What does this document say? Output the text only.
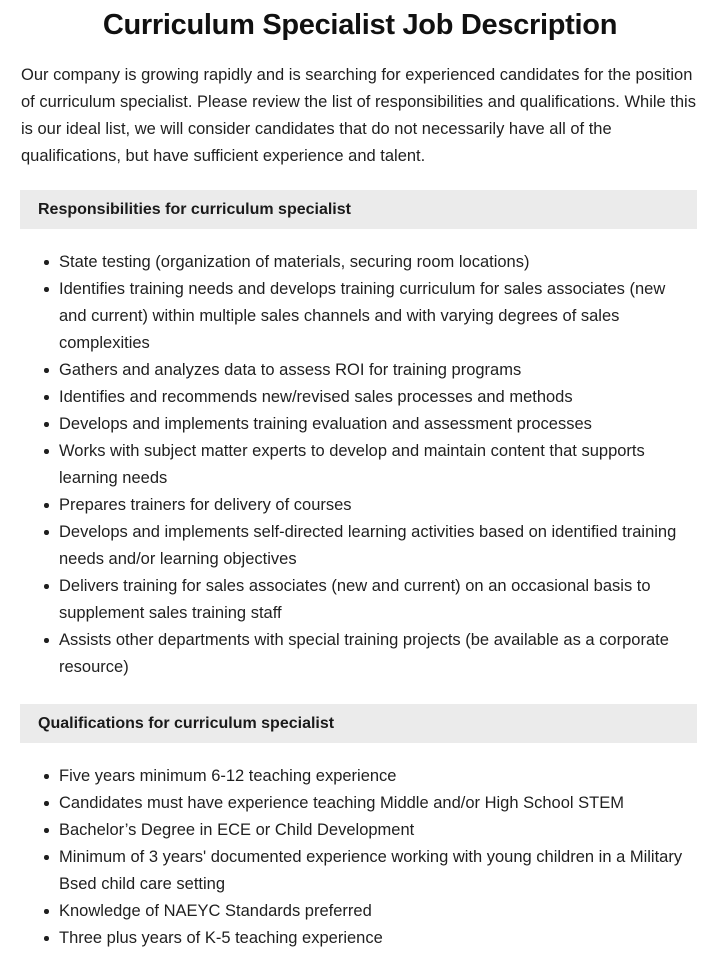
Curriculum Specialist Job Description

Our company is growing rapidly and is searching for experienced candidates for the position of curriculum specialist. Please review the list of responsibilities and qualifications. While this is our ideal list, we will consider candidates that do not necessarily have all of the qualifications, but have sufficient experience and talent.

Responsibilities for curriculum specialist
State testing (organization of materials, securing room locations)
Identifies training needs and develops training curriculum for sales associates (new and current) within multiple sales channels and with varying degrees of sales complexities
Gathers and analyzes data to assess ROI for training programs
Identifies and recommends new/revised sales processes and methods
Develops and implements training evaluation and assessment processes
Works with subject matter experts to develop and maintain content that supports learning needs
Prepares trainers for delivery of courses
Develops and implements self-directed learning activities based on identified training needs and/or learning objectives
Delivers training for sales associates (new and current) on an occasional basis to supplement sales training staff
Assists other departments with special training projects (be available as a corporate resource)
Qualifications for curriculum specialist
Five years minimum 6-12 teaching experience
Candidates must have experience teaching Middle and/or High School STEM
Bachelor’s Degree in ECE or Child Development
Minimum of 3 years' documented experience working with young children in a Military Bsed child care setting
Knowledge of NAEYC Standards preferred
Three plus years of K-5 teaching experience
